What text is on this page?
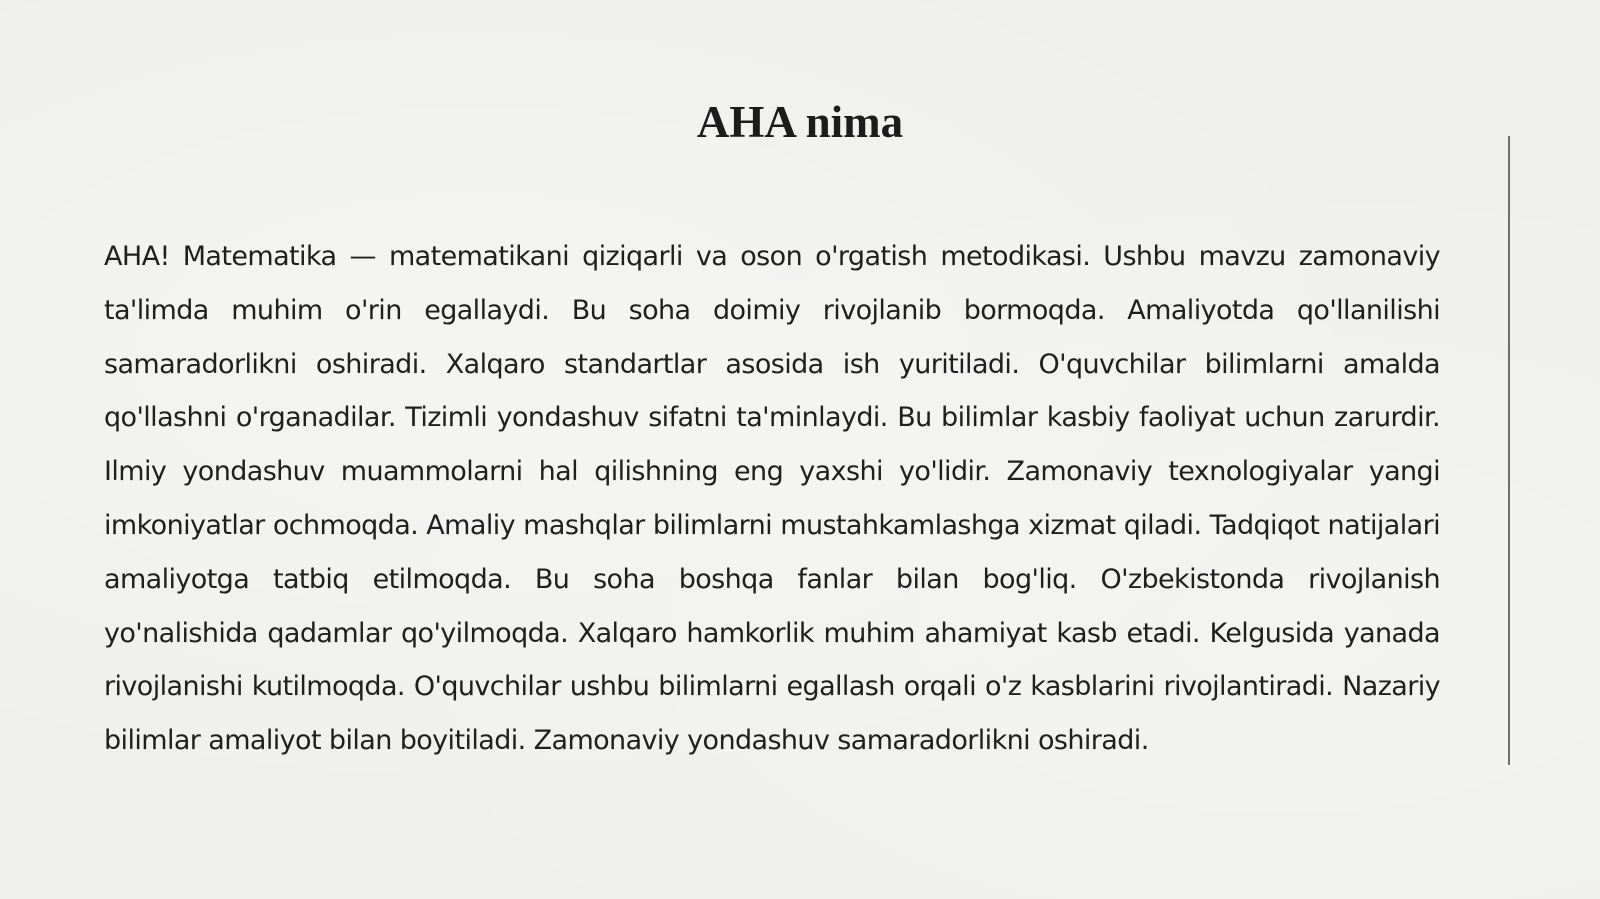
AHA nima

AHA! Matematika — matematikani qiziqarli va oson o'rgatish metodikasi. Ushbu mavzu zamonaviy ta'limda muhim o'rin egallaydi. Bu soha doimiy rivojlanib bormoqda. Amaliyotda qo'llanilishi samaradorlikni oshiradi. Xalqaro standartlar asosida ish yuritiladi. O'quvchilar bilimlarni amalda qo'llashni o'rganadilar. Tizimli yondashuv sifatni ta'minlaydi. Bu bilimlar kasbiy faoliyat uchun zarurdir. Ilmiy yondashuv muammolarni hal qilishning eng yaxshi yo'lidir. Zamonaviy texnologiyalar yangi imkoniyatlar ochmoqda. Amaliy mashqlar bilimlarni mustahkamlashga xizmat qiladi. Tadqiqot natijalari amaliyotga tatbiq etilmoqda. Bu soha boshqa fanlar bilan bog'liq. O'zbekistonda rivojlanish yo'nalishida qadamlar qo'yilmoqda. Xalqaro hamkorlik muhim ahamiyat kasb etadi. Kelgusida yanada rivojlanishi kutilmoqda. O'quvchilar ushbu bilimlarni egallash orqali o'z kasblarini rivojlantiradi. Nazariy bilimlar amaliyot bilan boyitiladi. Zamonaviy yondashuv samaradorlikni oshiradi.
